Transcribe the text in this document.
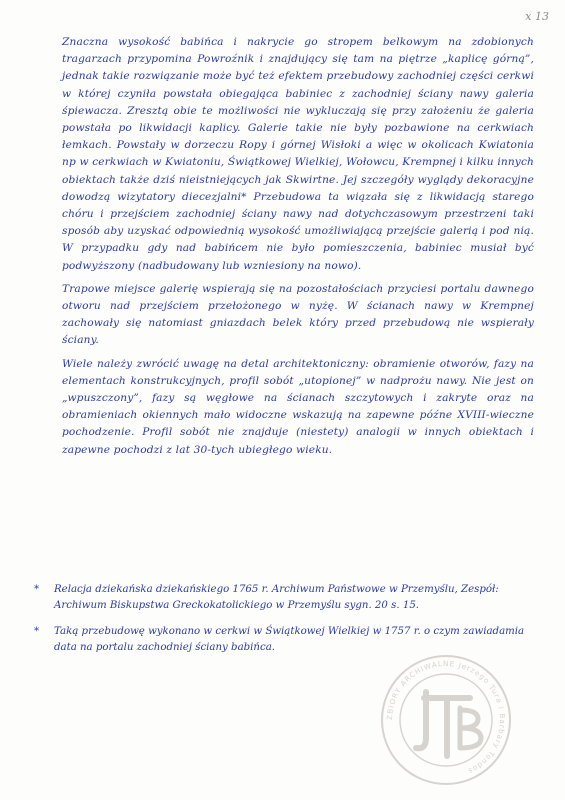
x 13

Znaczna wysokość babińca i nakrycie go stropem belkowym na zdobionych tragarzach przypomina Powroźnik i znajdujący się tam na piętrze „kaplicę górną”, jednak takie rozwiązanie może być też efektem przebudowy zachodniej części cerkwi w której czyniła powstała obiegająca babiniec z zachodniej ściany nawy galeria śpiewacza. Zresztą obie te możliwości nie wykluczają się przy założeniu że galeria powstała po likwidacji kaplicy. Galerie takie nie były pozbawione na cerkwiach łemkach. Powstały w dorzeczu Ropy i górnej Wisłoki a więc w okolicach Kwiatonia np w cerkwiach w Kwiatoniu, Świątkowej Wielkiej, Wołowcu, Krempnej i kilku innych obiektach także dziś nieistniejących jak Skwirtne. Jej szczegóły wyglądy dekoracyjne dowodzą wizytatory diecezjalni* Przebudowa ta wiązała się z likwidacją starego chóru i przejściem zachodniej ściany nawy nad dotychczasowym przestrzeni taki sposób aby uzyskać odpowiednią wysokość umożliwiającą przejście galerią i pod nią. W przypadku gdy nad babińcem nie było pomieszczenia, babiniec musiał być podwyższony (nadbudowany lub wzniesiony na nowo).

Trapowe miejsce galerię wspierają się na pozostałościach przyciesi portalu dawnego otworu nad przejściem przełożonego w nyżę. W ścianach nawy w Krempnej zachowały się natomiast gniazdach belek który przed przebudową nie wspierały ściany.

Wiele należy zwrócić uwagę na detal architektoniczny: obramienie otworów, fazy na elementach konstrukcyjnych, profil sobót „utopionej” w nadprożu nawy. Nie jest on „wpuszczony”, fazy są węgłowe na ścianach szczytowych i zakryte oraz na obramieniach okiennych mało widoczne wskazują na zapewne późne XVIII-wieczne pochodzenie. Profil sobót nie znajduje (niestety) analogii w innych obiektach i zapewne pochodzi z lat 30-tych ubiegłego wieku.

*	Relacja dziekańska dziekańskiego 1765 r. Archiwum Państwowe w Przemyślu, Zespół: Archiwum Biskupstwa Greckokatolickiego w Przemyślu sygn. 20 s. 15.
*	Taką przebudowę wykonano w cerkwi w Świątkowej Wielkiej w 1757 r. o czym zawiadamia data na portalu zachodniej ściany babińca.
ZBIORY ARCHIWALNE Jerzego Tura i Barbary Tondos
